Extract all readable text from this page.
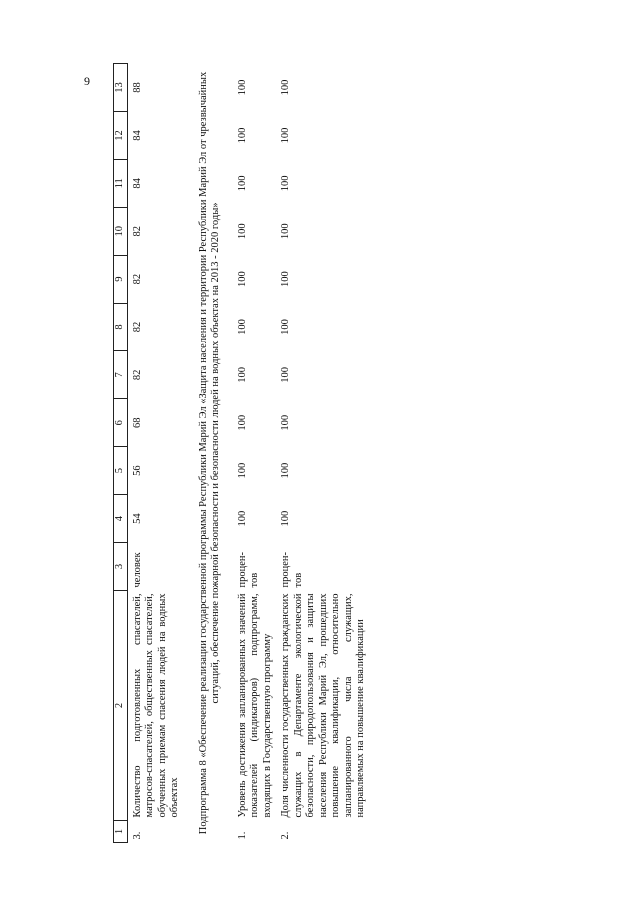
9
1	2	3	4	5	6	7	8	9	10	11	12	13
3.	Количество подготовленных спасателей, матросов-спасателей, общественных спасателей, обученных приемам спасения людей на водных объектах	человек	54	56	68	82	82	82	82	84	84	88
Подпрограмма 8 «Обеспечение реализации государственной программы Республики Марий Эл «Защита населения и территории Республики Марий Эл от чрезвычайных ситуаций, обеспечение пожарной безопасности и безопасности людей на водных объектах на 2013 - 2020 годы»												
1.	Уровень достижения запланированных значений показателей (индикаторов) подпрограмм, входящих в Государственную программу	процен-тов	100	100	100	100	100	100	100	100	100	100
2.	Доля численности государственных гражданских служащих в Департаменте экологической безопасности, природопользования и защиты населения Республики Марий Эл, прошедших повышение квалификации, относительно запланированного числа служащих, направляемых на повышение квалификации	процен-тов	100	100	100	100	100	100	100	100	100	100
